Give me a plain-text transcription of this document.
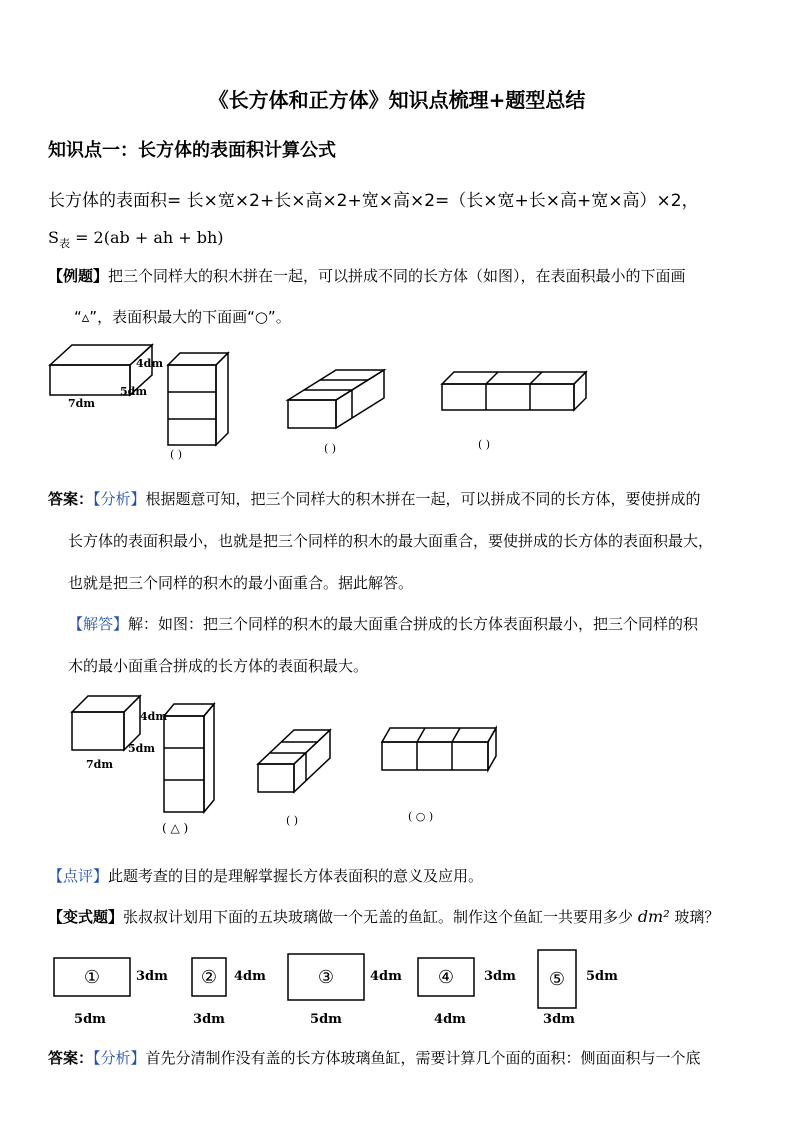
《长方体和正方体》知识点梳理+题型总结
知识点一：长方体的表面积计算公式
长方体的表面积= 长×宽×2+长×高×2+宽×高×2=（长×宽+长×高+宽×高）×2，
$S_表 = 2(ab$ + ah + bh)
【例题】把三个同样大的积木拼在一起，可以拼成不同的长方体（如图），在表面积最小的下面画
“▵”，表面积最大的下面画“○”。
4dm
5dm
7dm
( )	( )	( )
答案：【分析】根据题意可知，把三个同样大的积木拼在一起，可以拼成不同的长方体，要使拼成的
长方体的表面积最小，也就是把三个同样的积木的最大面重合，要使拼成的长方体的表面积最大，
也就是把三个同样的积木的最小面重合。据此解答。
【解答】解：如图：把三个同样的积木的最大面重合拼成的长方体表面积最小，把三个同样的积
木的最小面重合拼成的长方体的表面积最大。
4dm
5dm
7dm
( △ )
( )	( ○ )
【点评】此题考查的目的是理解掌握长方体表面积的意义及应用。
【变式题】张叔叔计划用下面的五块玻璃做一个无盖的鱼缸。制作这个鱼缸一共要用多少 dm² 玻璃？
①	②	③	④	⑤
3dm	4dm	4dm	3dm	5dm
5dm	3dm	5dm	4dm	3dm
答案：【分析】首先分清制作没有盖的长方体玻璃鱼缸，需要计算几个面的面积：侧面面积与一个底
